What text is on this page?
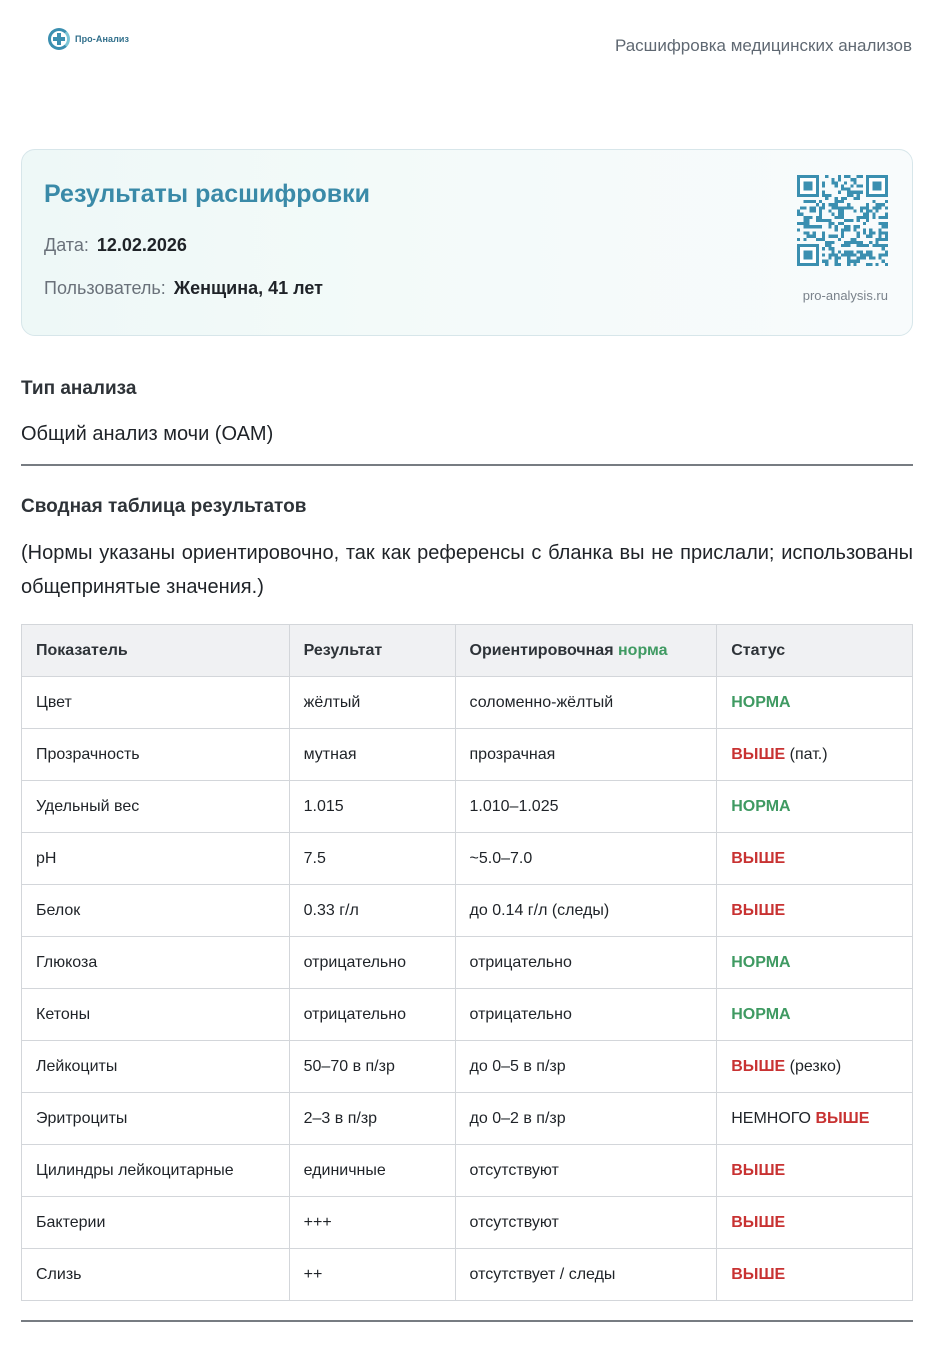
Про-Анализ	Расшифровка медицинских анализов
Результаты расшифровки
Дата: 12.02.2026
Пользователь: Женщина, 41 лет	pro-analysis.ru
Тип анализа
Общий анализ мочи (ОАМ)
Сводная таблица результатов
(Нормы указаны ориентировочно, так как референсы с бланка вы не прислали; использованы общепринятые значения.)
Показатель	Результат	Ориентировочная норма	Статус
Цвет	жёлтый	соломенно-жёлтый	НОРМА
Прозрачность	мутная	прозрачная	ВЫШЕ (пат.)
Удельный вес	1.015	1.010–1.025	НОРМА
pH	7.5	~5.0–7.0	ВЫШЕ
Белок	0.33 г/л	до 0.14 г/л (следы)	ВЫШЕ
Глюкоза	отрицательно	отрицательно	НОРМА
Кетоны	отрицательно	отрицательно	НОРМА
Лейкоциты	50–70 в п/зр	до 0–5 в п/зр	ВЫШЕ (резко)
Эритроциты	2–3 в п/зр	до 0–2 в п/зр	НЕМНОГО ВЫШЕ
Цилиндры лейкоцитарные	единичные	отсутствуют	ВЫШЕ
Бактерии	+++	отсутствуют	ВЫШЕ
Слизь	++	отсутствует / следы	ВЫШЕ
